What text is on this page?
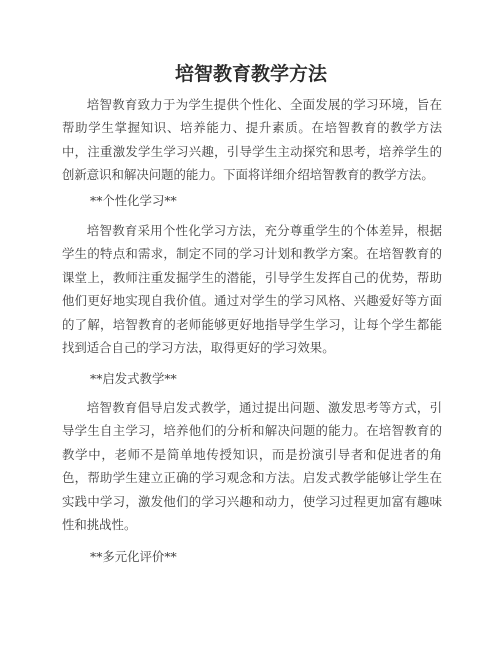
培智教育教学方法

培智教育致力于为学生提供个性化、全面发展的学习环境，旨在帮助学生掌握知识、培养能力、提升素质。在培智教育的教学方法中，注重激发学生学习兴趣，引导学生主动探究和思考，培养学生的创新意识和解决问题的能力。下面将详细介绍培智教育的教学方法。

**个性化学习**

培智教育采用个性化学习方法，充分尊重学生的个体差异，根据学生的特点和需求，制定不同的学习计划和教学方案。在培智教育的课堂上，教师注重发掘学生的潜能，引导学生发挥自己的优势，帮助他们更好地实现自我价值。通过对学生的学习风格、兴趣爱好等方面的了解，培智教育的老师能够更好地指导学生学习，让每个学生都能找到适合自己的学习方法，取得更好的学习效果。

**启发式教学**

培智教育倡导启发式教学，通过提出问题、激发思考等方式，引导学生自主学习，培养他们的分析和解决问题的能力。在培智教育的教学中，老师不是简单地传授知识，而是扮演引导者和促进者的角色，帮助学生建立正确的学习观念和方法。启发式教学能够让学生在实践中学习，激发他们的学习兴趣和动力，使学习过程更加富有趣味性和挑战性。

**多元化评价**
